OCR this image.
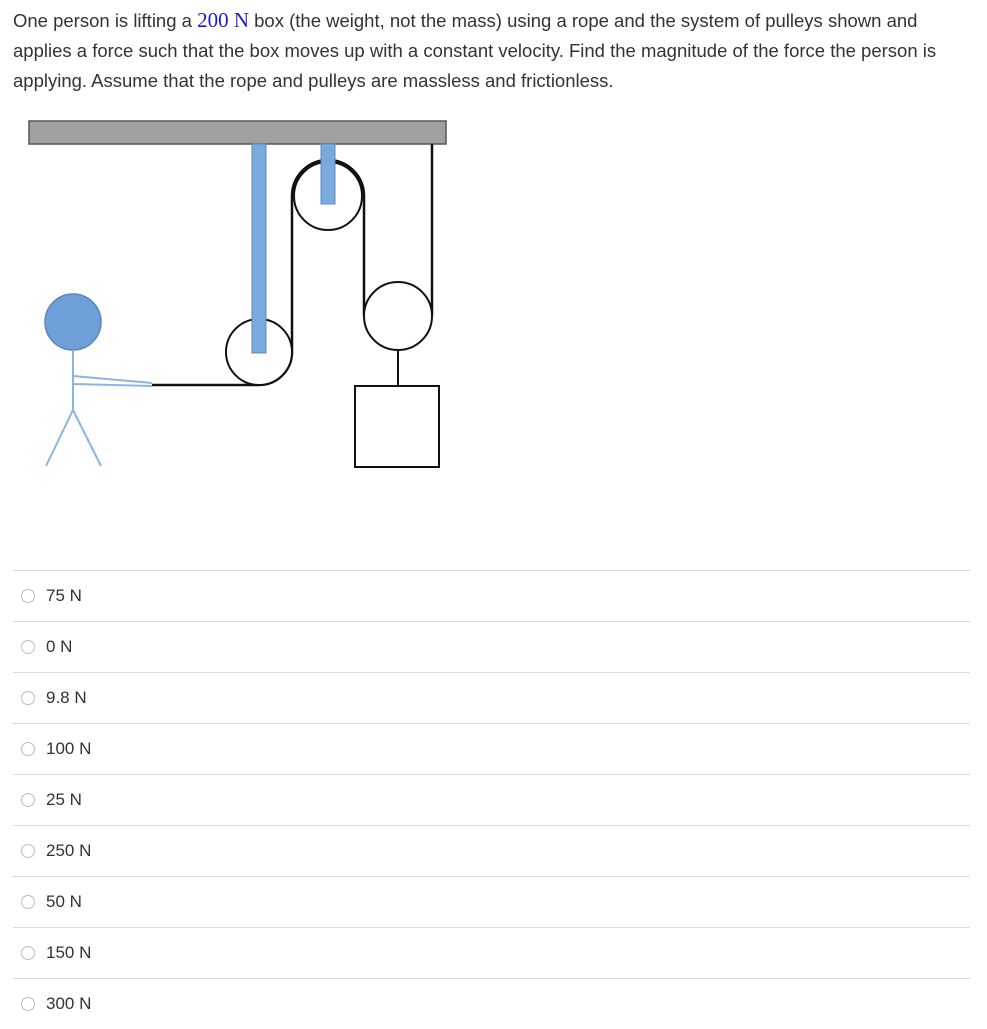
One person is lifting a 200 N box (the weight, not the mass) using a rope and the system of pulleys shown and applies a force such that the box moves up with a constant velocity. Find the magnitude of the force the person is applying. Assume that the rope and pulleys are massless and frictionless.
75 N
0 N
9.8 N
100 N
25 N
250 N
50 N
150 N
300 N
